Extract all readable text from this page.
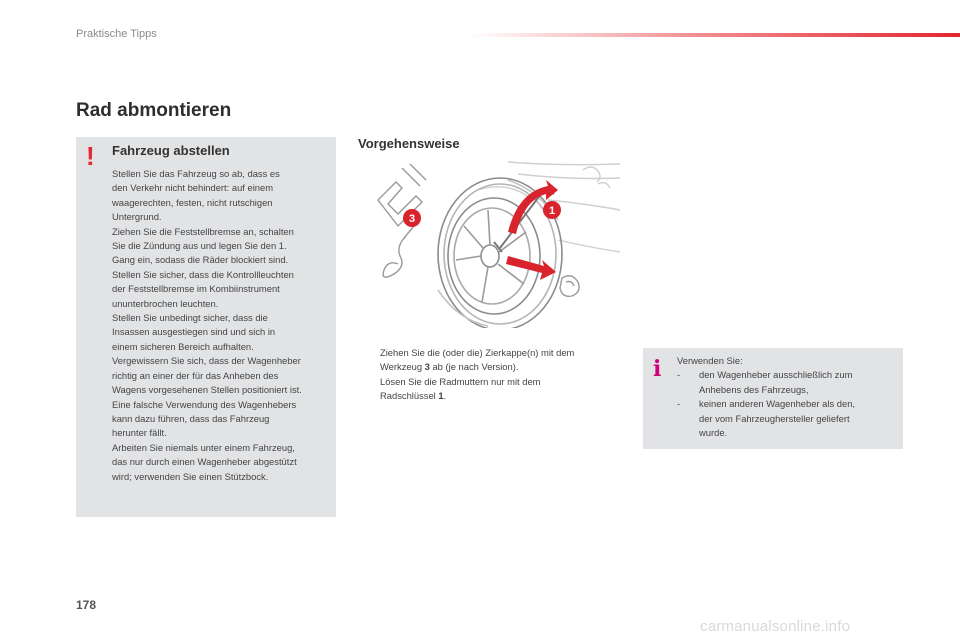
Praktische Tipps
Rad abmontieren
! Fahrzeug abstellen
Stellen Sie das Fahrzeug so ab, dass es
den Verkehr nicht behindert: auf einem
waagerechten, festen, nicht rutschigen
Untergrund.
Ziehen Sie die Feststellbremse an, schalten
Sie die Zündung aus und legen Sie den 1.
Gang ein, sodass die Räder blockiert sind.
Stellen Sie sicher, dass die Kontrollleuchten
der Feststellbremse im Kombiinstrument
ununterbrochen leuchten.
Stellen Sie unbedingt sicher, dass die
Insassen ausgestiegen sind und sich in
einem sicheren Bereich aufhalten.
Vergewissern Sie sich, dass der Wagenheber
richtig an einer der für das Anheben des
Wagens vorgesehenen Stellen positioniert ist.
Eine falsche Verwendung des Wagenhebers
kann dazu führen, dass das Fahrzeug
herunter fällt.
Arbeiten Sie niemals unter einem Fahrzeug,
das nur durch einen Wagenheber abgestützt
wird; verwenden Sie einen Stützbock.
Vorgehensweise
1
3
Ziehen Sie die (oder die) Zierkappe(n) mit dem
Werkzeug 3 ab (je nach Version).
Lösen Sie die Radmuttern nur mit dem
Radschlüssel 1.
i Verwenden Sie:
- den Wagenheber ausschließlich zum
Anhebens des Fahrzeugs,
- keinen anderen Wagenheber als den,
der vom Fahrzeughersteller geliefert
wurde.
178
carmanualsonline.info
